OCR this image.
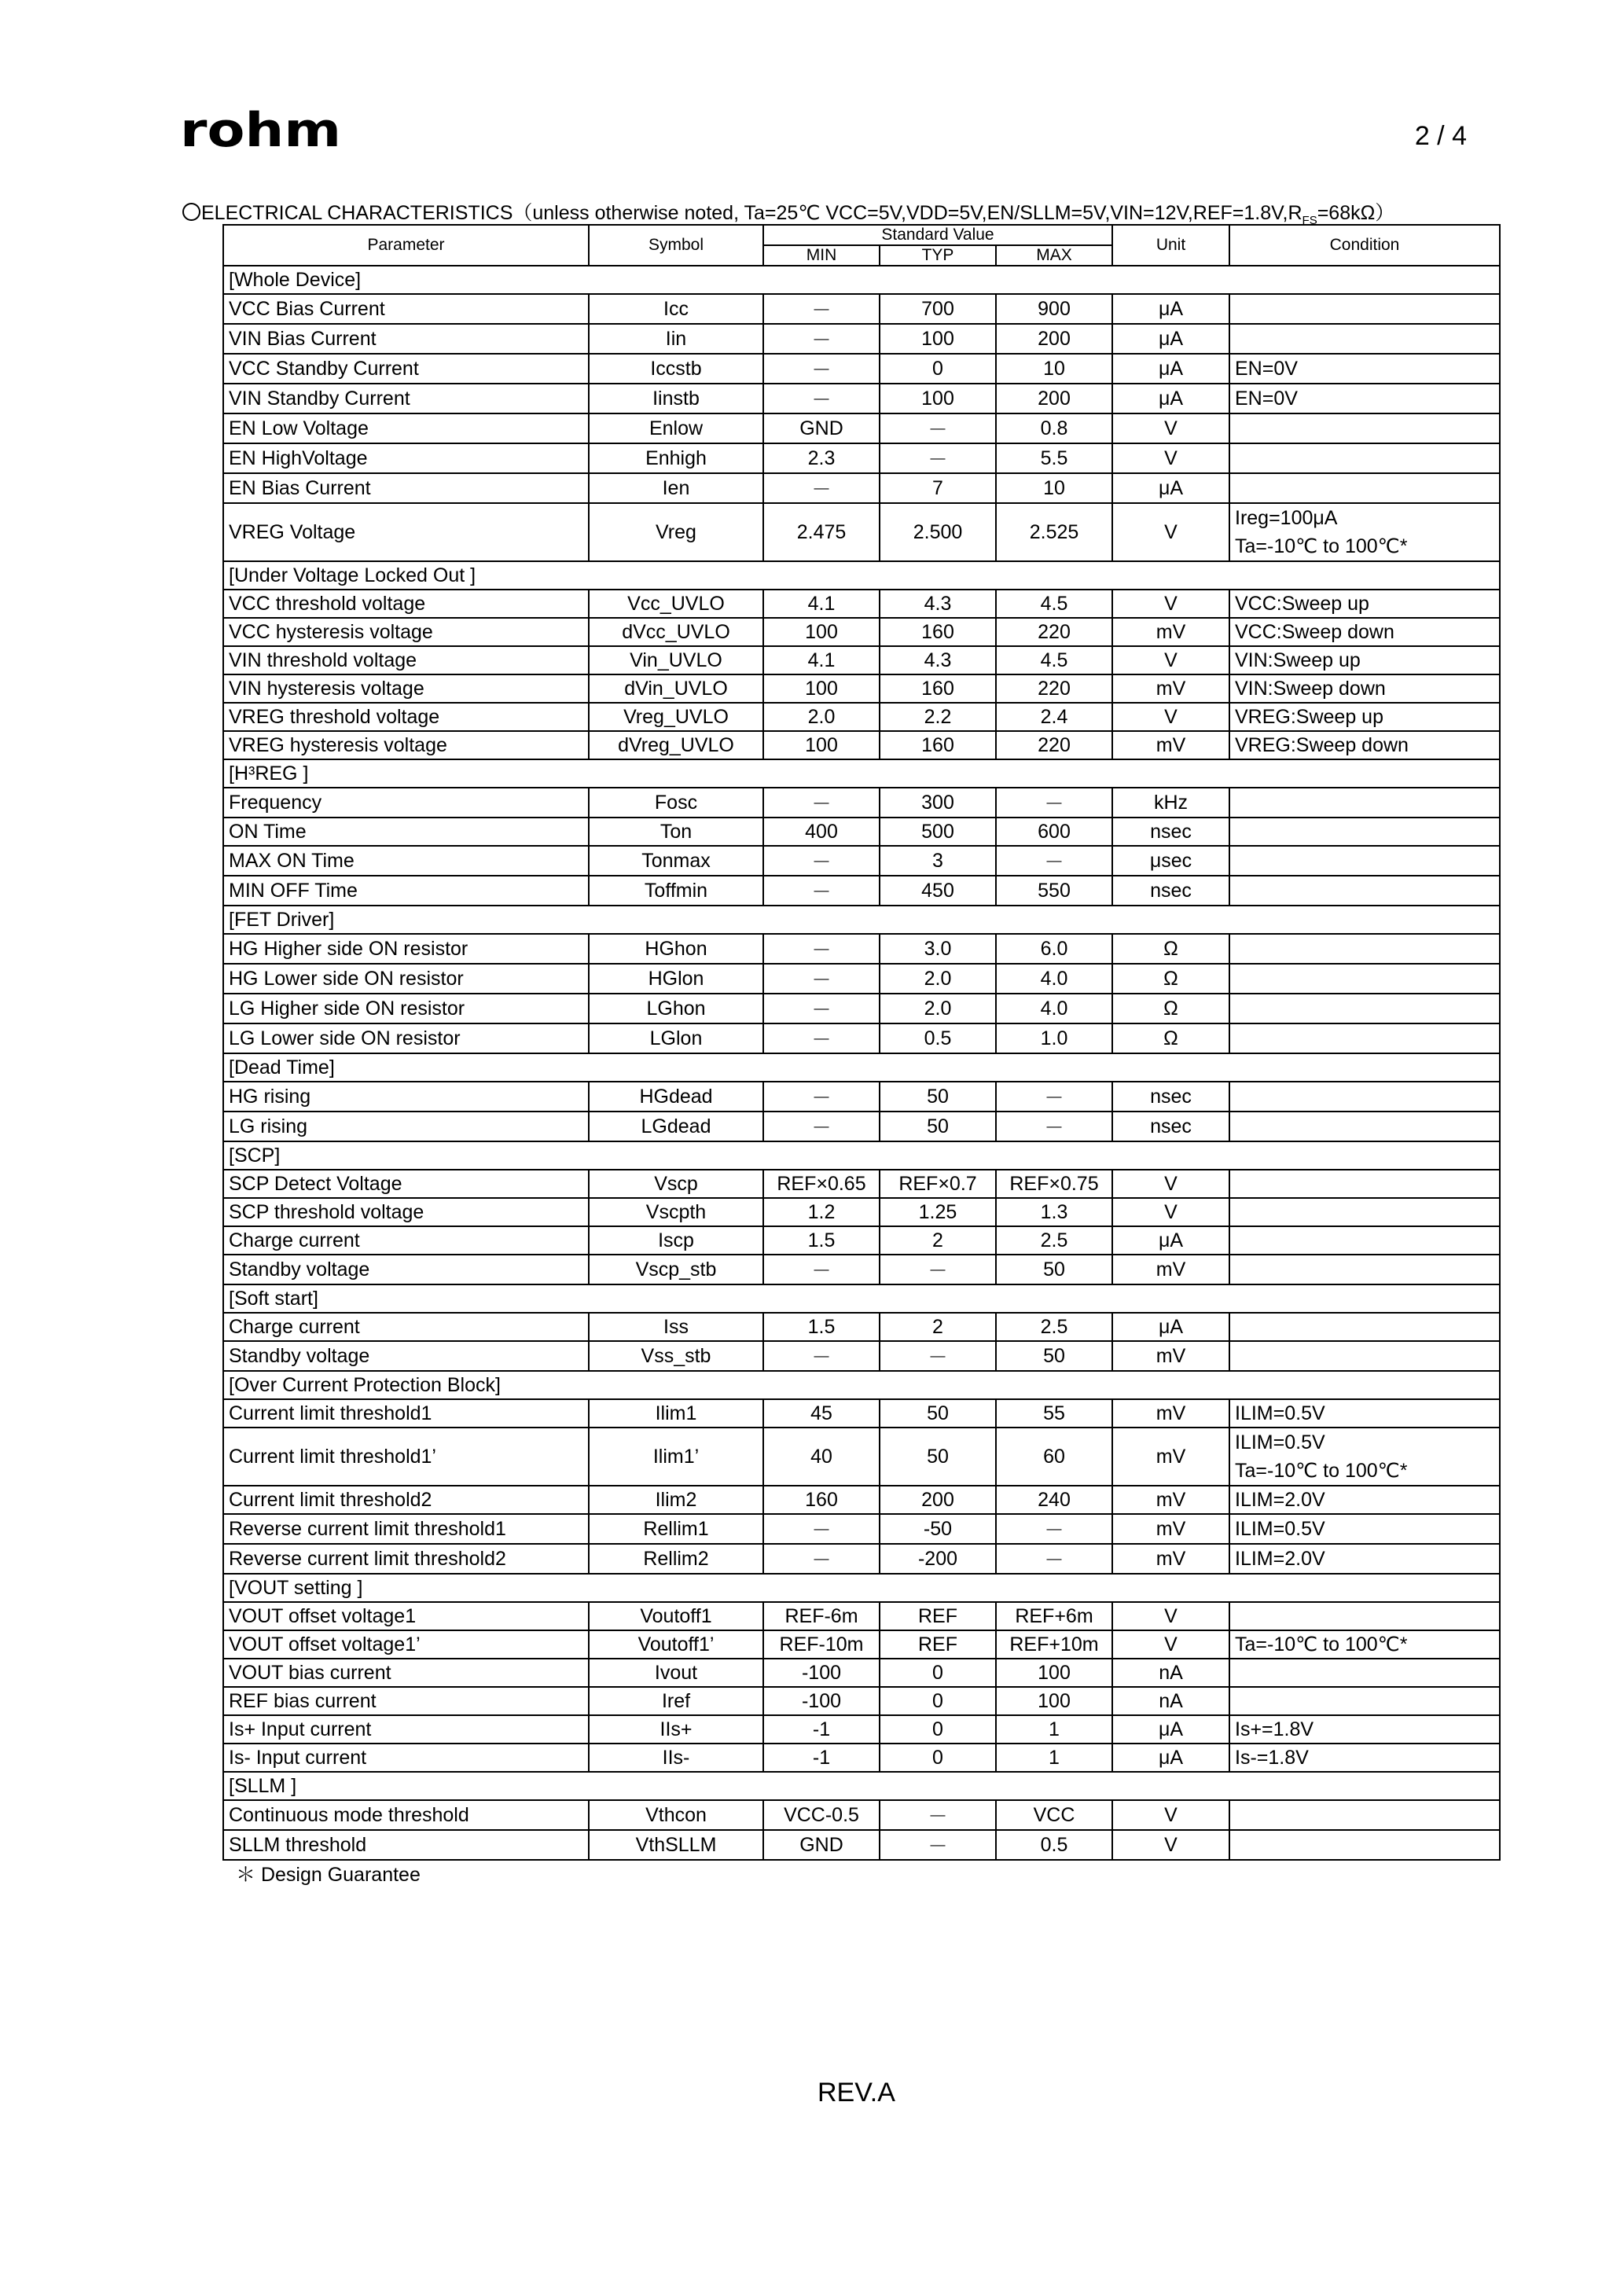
rohm	2 / 4
ELECTRICAL CHARACTERISTICS（unless otherwise noted, Ta=25℃ $VCC=5V,VDD=5V,EN/SLLM=5V,VIN=12V,REF=1.8V,R_{FS}=68k\Omega$）
Parameter	Symbol	Standard Value			Unit	Condition
		MIN	TYP	MAX		
[Whole Device]						
VCC Bias Current	Icc	－	700	900	μA	
VIN Bias Current	Iin	－	100	200	μA	
VCC Standby Current	Iccstb	－	0	10	μA	EN=0V
VIN Standby Current	Iinstb	－	100	200	μA	EN=0V
EN Low Voltage	Enlow	GND	－	0.8	V	
EN HighVoltage	Enhigh	2.3	－	5.5	V	
EN Bias Current	Ien	－	7	10	μA	
VREG Voltage	Vreg	2.475	2.500	2.525	V	Ireg=100μA
Ta=-10℃ to 100℃*

[Under Voltage Locked Out ]						
VCC threshold voltage	Vcc_UVLO	4.1	4.3	4.5	V	VCC:Sweep up
VCC hysteresis voltage	dVcc_UVLO	100	160	220	mV	VCC:Sweep down
VIN threshold voltage	Vin_UVLO	4.1	4.3	4.5	V	VIN:Sweep up
VIN hysteresis voltage	dVin_UVLO	100	160	220	mV	VIN:Sweep down
VREG threshold voltage	Vreg_UVLO	2.0	2.2	2.4	V	VREG:Sweep up
VREG hysteresis voltage	dVreg_UVLO	100	160	220	mV	VREG:Sweep down
[H³REG ]						
Frequency	Fosc	－	300	－	kHz	
ON Time	Ton	400	500	600	nsec	
MAX ON Time	Tonmax	－	3	－	μsec	
MIN OFF Time	Toffmin	－	450	550	nsec	
[FET Driver]						
HG Higher side ON resistor	HGhon	－	3.0	6.0	Ω	
HG Lower side ON resistor	HGlon	－	2.0	4.0	Ω	
LG Higher side ON resistor	LGhon	－	2.0	4.0	Ω	
LG Lower side ON resistor	LGlon	－	0.5	1.0	Ω	
[Dead Time]						
HG rising	HGdead	－	50	－	nsec	
LG rising	LGdead	－	50	－	nsec	
[SCP]						
SCP Detect Voltage	Vscp	REF×0.65	REF×0.7	REF×0.75	V	
SCP threshold voltage	Vscpth	1.2	1.25	1.3	V	
Charge current	Iscp	1.5	2	2.5	μA	
Standby voltage	Vscp_stb	－	－	50	mV	
[Soft start]						
Charge current	Iss	1.5	2	2.5	μA	
Standby voltage	Vss_stb	－	－	50	mV	
[Over Current Protection Block]						
Current limit threshold1	Ilim1	45	50	55	mV	ILIM=0.5V
Current limit threshold1’	Ilim1’	40	50	60	mV	ILIM=0.5V
Ta=-10℃ to 100℃*

Current limit threshold2	Ilim2	160	200	240	mV	ILIM=2.0V
Reverse current limit threshold1	Rellim1	－	-50	－	mV	ILIM=0.5V
Reverse current limit threshold2	Rellim2	－	-200	－	mV	ILIM=2.0V
[VOUT setting ]						
VOUT offset voltage1	Voutoff1	REF-6m	REF	REF+6m	V	
VOUT offset voltage1’	Voutoff1’	REF-10m	REF	REF+10m	V	Ta=-10℃ to 100℃*
VOUT bias current	Ivout	-100	0	100	nA	
REF bias current	Iref	-100	0	100	nA	
Is+ Input current	IIs+	-1	0	1	μA	Is+=1.8V
Is- Input current	IIs-	-1	0	1	μA	Is-=1.8V
[SLLM ]						
Continuous mode threshold	Vthcon	VCC-0.5	－	VCC	V	
SLLM threshold	VthSLLM	GND	－	0.5	V	
＊ Design Guarantee
REV.A
